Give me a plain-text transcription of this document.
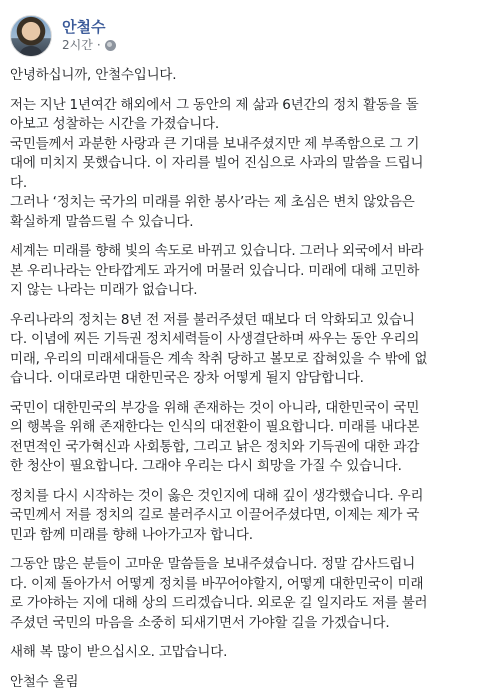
안철수
2시간 ·

안녕하십니까, 안철수입니다.

저는 지난 1년여간 해외에서 그 동안의 제 삶과 6년간의 정치 활동을 돌
아보고 성찰하는 시간을 가졌습니다.
국민들께서 과분한 사랑과 큰 기대를 보내주셨지만 제 부족함으로 그 기
대에 미치지 못했습니다. 이 자리를 빌어 진심으로 사과의 말씀을 드립니
다.
그러나 ‘정치는 국가의 미래를 위한 봉사’라는 제 초심은 변치 않았음은
확실하게 말씀드릴 수 있습니다.

세계는 미래를 향해 빛의 속도로 바뀌고 있습니다. 그러나 외국에서 바라
본 우리나라는 안타깝게도 과거에 머물러 있습니다. 미래에 대해 고민하
지 않는 나라는 미래가 없습니다.

우리나라의 정치는 8년 전 저를 불러주셨던 때보다 더 악화되고 있습니
다. 이념에 찌든 기득권 정치세력들이 사생결단하며 싸우는 동안 우리의
미래, 우리의 미래세대들은 계속 착취 당하고 볼모로 잡혀있을 수 밖에 없
습니다. 이대로라면 대한민국은 장차 어떻게 될지 암담합니다.

국민이 대한민국의 부강을 위해 존재하는 것이 아니라, 대한민국이 국민
의 행복을 위해 존재한다는 인식의 대전환이 필요합니다. 미래를 내다본
전면적인 국가혁신과 사회통합, 그리고 낡은 정치와 기득권에 대한 과감
한 청산이 필요합니다. 그래야 우리는 다시 희망을 가질 수 있습니다.

정치를 다시 시작하는 것이 옳은 것인지에 대해 깊이 생각했습니다. 우리
국민께서 저를 정치의 길로 불러주시고 이끌어주셨다면, 이제는 제가 국
민과 함께 미래를 향해 나아가고자 합니다.

그동안 많은 분들이 고마운 말씀들을 보내주셨습니다. 정말 감사드립니
다. 이제 돌아가서 어떻게 정치를 바꾸어야할지, 어떻게 대한민국이 미래
로 가야하는 지에 대해 상의 드리겠습니다. 외로운 길 일지라도 저를 불러
주셨던 국민의 마음을 소중히 되새기면서 가야할 길을 가겠습니다.

새해 복 많이 받으십시오. 고맙습니다.

안철수 올림
